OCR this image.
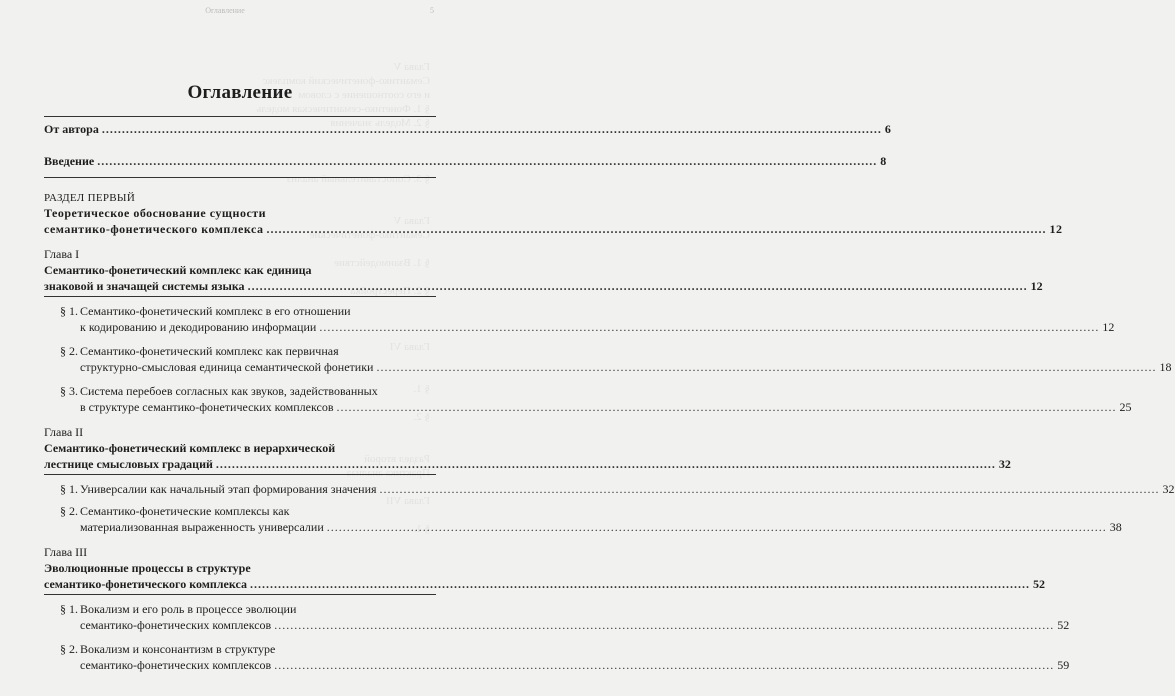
Глава V
Семантико-фонетический комплекс
и его соотношение с словом
§ 1. Фонетико-семантическая модель
§ 2. Модель значения

§ 3. Сопоставительный анализ

Глава V
Семантико-фонетические

§ 1. Взаимодействие

§ 2. Перестройка

Глава VI

§ 1.

§ 2.

Раздел второй
Практика анализа

Глава VII

§ 1.
Оглавление	5
Оглавление
От автора .....	6
Введение .....	8
РАЗДЕЛ ПЕРВЫЙ
Теоретическое обоснование сущности
семантико-фонетического комплекса .....	12
Глава I
Семантико-фонетический комплекс как единица
знаковой и значащей системы языка .....	12
§ 1. Семантико-фонетический комплекс в его отношении
к кодированию и декодированию информации .....	12
§ 2. Семантико-фонетический комплекс как первичная
структурно-смысловая единица семантической фонетики .....	18
§ 3. Система перебоев согласных как звуков, задействованных
в структуре семантико-фонетических комплексов .....	25
Глава II
Семантико-фонетический комплекс в иерархической
лестнице смысловых градаций .....	32
§ 1. Универсалии как начальный этап формирования значения .....	32
§ 2. Семантико-фонетические комплексы как
материализованная выраженность универсалии .....	38
Глава III
Эволюционные процессы в структуре
семантико-фонетического комплекса .....	52
§ 1. Вокализм и его роль в процессе эволюции
семантико-фонетических комплексов .....	52
§ 2. Вокализм и консонантизм в структуре
семантико-фонетических комплексов .....	59
